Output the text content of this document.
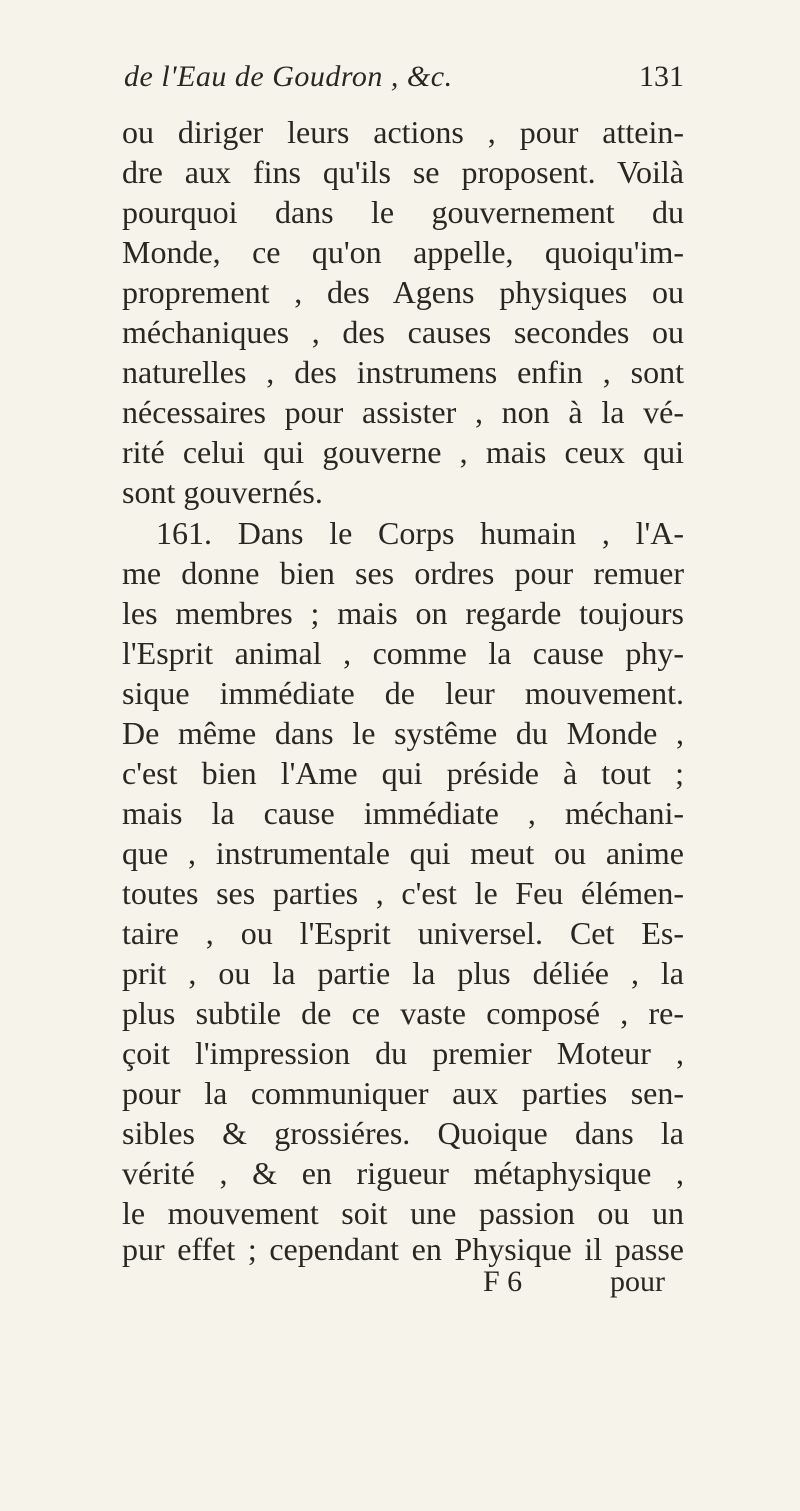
de l'Eau de Goudron , &c.	131
ou diriger leurs actions , pour attein-
dre aux fins qu'ils se proposent. Voilà
pourquoi dans le gouvernement du
Monde, ce qu'on appelle, quoiqu'im-
proprement , des Agens physiques ou
méchaniques , des causes secondes ou
naturelles , des instrumens enfin , sont
nécessaires pour assister , non à la vé-
rité celui qui gouverne , mais ceux qui
sont gouvernés.
161. Dans le Corps humain , l'A-
me donne bien ses ordres pour remuer
les membres ; mais on regarde toujours
l'Esprit animal , comme la cause phy-
sique immédiate de leur mouvement.
De même dans le systême du Monde ,
c'est bien l'Ame qui préside à tout ;
mais la cause immédiate , méchani-
que , instrumentale qui meut ou anime
toutes ses parties , c'est le Feu élémen-
taire , ou l'Esprit universel. Cet Es-
prit , ou la partie la plus déliée , la
plus subtile de ce vaste composé , re-
çoit l'impression du premier Moteur ,
pour la communiquer aux parties sen-
sibles & grossiéres. Quoique dans la
vérité , & en rigueur métaphysique ,
le mouvement soit une passion ou un
pur effet ; cependant en Physique il passe
F 6	pour
